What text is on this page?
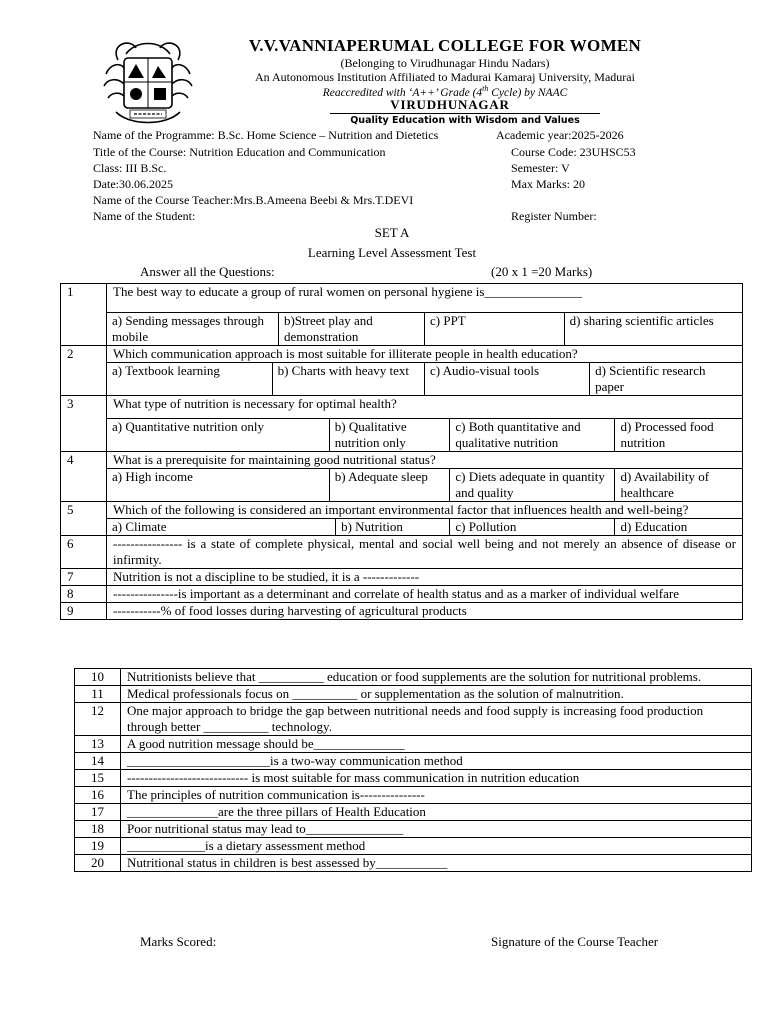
V.V.VANNIAPERUMAL COLLEGE FOR WOMEN
(Belonging to Virudhunagar Hindu Nadars)
An Autonomous Institution Affiliated to Madurai Kamaraj University, Madurai
Reaccredited with ‘A++’ Grade (4th Cycle) by NAAC
VIRUDHUNAGAR
Quality Education with Wisdom and Values
Name of the Programme: B.Sc. Home Science – Nutrition and Dietetics	Academic year:2025-2026
Title of the Course: Nutrition Education and Communication	Course Code: 23UHSC53
Class: III B.Sc.	Semester: V
Date:30.06.2025	Max Marks: 20
Name of the Course Teacher:Mrs.B.Ameena Beebi & Mrs.T.DEVI
Name of the Student:	Register Number:
SET A
Learning Level Assessment Test
Answer all the Questions:	(20 x 1 =20 Marks)
1	The best way to educate a group of rural women on personal hygiene is_______________

a) Sending messages through mobile	b)Street play and demonstration	c) PPT	d) sharing scientific articles

2	Which communication approach is most suitable for illiterate people in health education?

a) Textbook learning	b) Charts with heavy text	c) Audio-visual tools	d) Scientific research paper

3	What type of nutrition is necessary for optimal health?

a) Quantitative nutrition only	b) Qualitative nutrition only	c) Both quantitative and qualitative nutrition	d) Processed food nutrition

4	What is a prerequisite for maintaining good nutritional status?

a) High income	b) Adequate sleep	c) Diets adequate in quantity and quality	d) Availability of healthcare

5	Which of the following is considered an important environmental factor that influences health and well-being?

a) Climate	b) Nutrition	c) Pollution	d) Education

6	---------------- is a state of complete physical, mental and social well being and not merely an absence of disease or infirmity.
7	Nutrition is not a discipline to be studied, it is a -------------
8	---------------is important as a determinant and correlate of health status and as a marker of individual welfare
9	-----------% of food losses during harvesting of agricultural products
10	Nutritionists believe that __________ education or food supplements are the solution for nutritional problems.
11	Medical professionals focus on __________ or supplementation as the solution of malnutrition.
12	One major approach to bridge the gap between nutritional needs and food supply is increasing food production through better __________ technology.
13	A good nutrition message should be______________
14	______________________is a two-way communication method
15	---------------------------- is most suitable for mass communication in nutrition education
16	The principles of nutrition communication is---------------
17	______________are the three pillars of Health Education
18	Poor nutritional status may lead to_______________
19	____________is a dietary assessment method
20	Nutritional status in children is best assessed by___________
Marks Scored:	Signature of the Course Teacher
